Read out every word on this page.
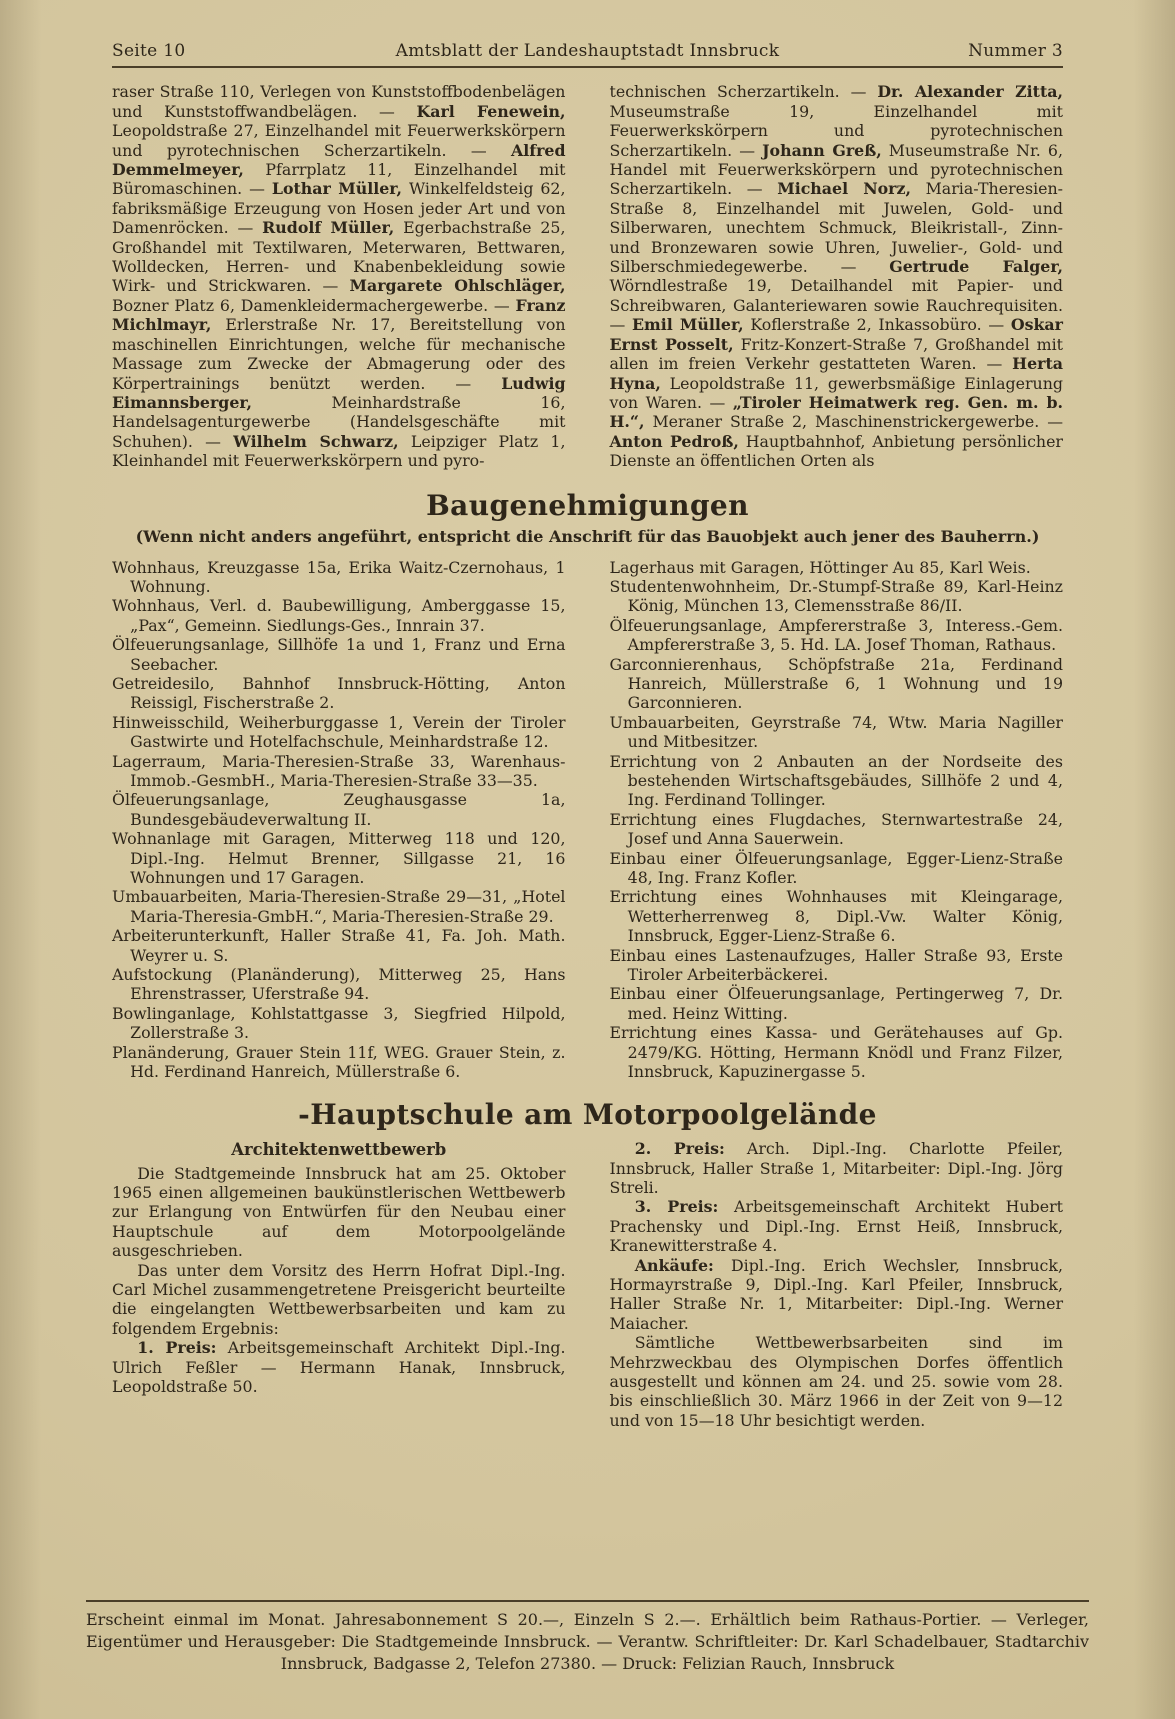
Seite 10	Amtsblatt der Landeshauptstadt Innsbruck	Nummer 3

raser Straße 110, Verlegen von Kunststoffbodenbelägen und Kunststoffwandbelägen. — Karl Fenewein, Leopoldstraße 27, Einzelhandel mit Feuerwerkskörpern und pyrotechnischen Scherzartikeln. — Alfred Demmelmeyer, Pfarrplatz 11, Einzelhandel mit Büromaschinen. — Lothar Müller, Winkelfeldsteig 62, fabriksmäßige Erzeugung von Hosen jeder Art und von Damenröcken. — Rudolf Müller, Egerbachstraße 25, Großhandel mit Textilwaren, Meterwaren, Bettwaren, Wolldecken, Herren- und Knabenbekleidung sowie Wirk- und Strickwaren. — Margarete Ohlschläger, Bozner Platz 6, Damenkleidermachergewerbe. — Franz Michlmayr, Erlerstraße Nr. 17, Bereitstellung von maschinellen Einrichtungen, welche für mechanische Massage zum Zwecke der Abmagerung oder des Körpertrainings benützt werden. — Ludwig Eimannsberger, Meinhardstraße 16, Handelsagenturgewerbe (Handelsgeschäfte mit Schuhen). — Wilhelm Schwarz, Leipziger Platz 1, Kleinhandel mit Feuerwerkskörpern und pyro-

technischen Scherzartikeln. — Dr. Alexander Zitta, Museumstraße 19, Einzelhandel mit Feuerwerkskörpern und pyrotechnischen Scherzartikeln. — Johann Greß, Museumstraße Nr. 6, Handel mit Feuerwerkskörpern und pyrotechnischen Scherzartikeln. — Michael Norz, Maria-Theresien-Straße 8, Einzelhandel mit Juwelen, Gold- und Silberwaren, unechtem Schmuck, Bleikristall-, Zinn- und Bronzewaren sowie Uhren, Juwelier-, Gold- und Silberschmiedegewerbe. — Gertrude Falger, Wörndlestraße 19, Detailhandel mit Papier- und Schreibwaren, Galanteriewaren sowie Rauchrequisiten. — Emil Müller, Koflerstraße 2, Inkassobüro. — Oskar Ernst Posselt, Fritz-Konzert-Straße 7, Großhandel mit allen im freien Verkehr gestatteten Waren. — Herta Hyna, Leopoldstraße 11, gewerbsmäßige Einlagerung von Waren. — „Tiroler Heimatwerk reg. Gen. m. b. H.“, Meraner Straße 2, Maschinenstrickergewerbe. — Anton Pedroß, Hauptbahnhof, Anbietung persönlicher Dienste an öffentlichen Orten als

Baugenehmigungen

(Wenn nicht anders angeführt, entspricht die Anschrift für das Bauobjekt auch jener des Bauherrn.)

Wohnhaus, Kreuzgasse 15a, Erika Waitz-Czernohaus, 1 Wohnung.

Wohnhaus, Verl. d. Baubewilligung, Amberggasse 15, „Pax“, Gemeinn. Siedlungs-Ges., Innrain 37.

Ölfeuerungsanlage, Sillhöfe 1a und 1, Franz und Erna Seebacher.

Getreidesilo, Bahnhof Innsbruck-Hötting, Anton Reissigl, Fischerstraße 2.

Hinweisschild, Weiherburggasse 1, Verein der Tiroler Gastwirte und Hotelfachschule, Meinhardstraße 12.

Lagerraum, Maria-Theresien-Straße 33, Warenhaus-Immob.-GesmbH., Maria-Theresien-Straße 33—35.

Ölfeuerungsanlage, Zeughausgasse 1a, Bundesgebäudeverwaltung II.

Wohnanlage mit Garagen, Mitterweg 118 und 120, Dipl.-Ing. Helmut Brenner, Sillgasse 21, 16 Wohnungen und 17 Garagen.

Umbauarbeiten, Maria-Theresien-Straße 29—31, „Hotel Maria-Theresia-GmbH.“, Maria-Theresien-Straße 29.

Arbeiterunterkunft, Haller Straße 41, Fa. Joh. Math. Weyrer u. S.

Aufstockung (Planänderung), Mitterweg 25, Hans Ehrenstrasser, Uferstraße 94.

Bowlinganlage, Kohlstattgasse 3, Siegfried Hilpold, Zollerstraße 3.

Planänderung, Grauer Stein 11f, WEG. Grauer Stein, z. Hd. Ferdinand Hanreich, Müllerstraße 6.

Lagerhaus mit Garagen, Höttinger Au 85, Karl Weis.

Studentenwohnheim, Dr.-Stumpf-Straße 89, Karl-Heinz König, München 13, Clemensstraße 86/II.

Ölfeuerungsanlage, Ampfererstraße 3, Interess.-Gem. Ampfererstraße 3, 5. Hd. LA. Josef Thoman, Rathaus.

Garconnierenhaus, Schöpfstraße 21a, Ferdinand Hanreich, Müllerstraße 6, 1 Wohnung und 19 Garconnieren.

Umbauarbeiten, Geyrstraße 74, Wtw. Maria Nagiller und Mitbesitzer.

Errichtung von 2 Anbauten an der Nordseite des bestehenden Wirtschaftsgebäudes, Sillhöfe 2 und 4, Ing. Ferdinand Tollinger.

Errichtung eines Flugdaches, Sternwartestraße 24, Josef und Anna Sauerwein.

Einbau einer Ölfeuerungsanlage, Egger-Lienz-Straße 48, Ing. Franz Kofler.

Errichtung eines Wohnhauses mit Kleingarage, Wetterherrenweg 8, Dipl.-Vw. Walter König, Innsbruck, Egger-Lienz-Straße 6.

Einbau eines Lastenaufzuges, Haller Straße 93, Erste Tiroler Arbeiterbäckerei.

Einbau einer Ölfeuerungsanlage, Pertingerweg 7, Dr. med. Heinz Witting.

Errichtung eines Kassa- und Gerätehauses auf Gp. 2479/KG. Hötting, Hermann Knödl und Franz Filzer, Innsbruck, Kapuzinergasse 5.

-Hauptschule am Motorpoolgelände
Architektenwettbewerb

Die Stadtgemeinde Innsbruck hat am 25. Oktober 1965 einen allgemeinen baukünstlerischen Wettbewerb zur Erlangung von Entwürfen für den Neubau einer Hauptschule auf dem Motorpoolgelände ausgeschrieben.

Das unter dem Vorsitz des Herrn Hofrat Dipl.-Ing. Carl Michel zusammengetretene Preisgericht beurteilte die eingelangten Wettbewerbsarbeiten und kam zu folgendem Ergebnis:

1. Preis: Arbeitsgemeinschaft Architekt Dipl.-Ing. Ulrich Feßler — Hermann Hanak, Innsbruck, Leopoldstraße 50.

2. Preis: Arch. Dipl.-Ing. Charlotte Pfeiler, Innsbruck, Haller Straße 1, Mitarbeiter: Dipl.-Ing. Jörg Streli.

3. Preis: Arbeitsgemeinschaft Architekt Hubert Prachensky und Dipl.-Ing. Ernst Heiß, Innsbruck, Kranewitterstraße 4.

Ankäufe: Dipl.-Ing. Erich Wechsler, Innsbruck, Hormayrstraße 9, Dipl.-Ing. Karl Pfeiler, Innsbruck, Haller Straße Nr. 1, Mitarbeiter: Dipl.-Ing. Werner Maiacher.

Sämtliche Wettbewerbsarbeiten sind im Mehrzweckbau des Olympischen Dorfes öffentlich ausgestellt und können am 24. und 25. sowie vom 28. bis einschließlich 30. März 1966 in der Zeit von 9—12 und von 15—18 Uhr besichtigt werden.

Erscheint einmal im Monat. Jahresabonnement S 20.—, Einzeln S 2.—. Erhältlich beim Rathaus-Portier. — Verleger, Eigentümer und Herausgeber: Die Stadtgemeinde Innsbruck. — Verantw. Schriftleiter: Dr. Karl Schadelbauer, Stadtarchiv Innsbruck, Badgasse 2, Telefon 27380. — Druck: Felizian Rauch, Innsbruck
